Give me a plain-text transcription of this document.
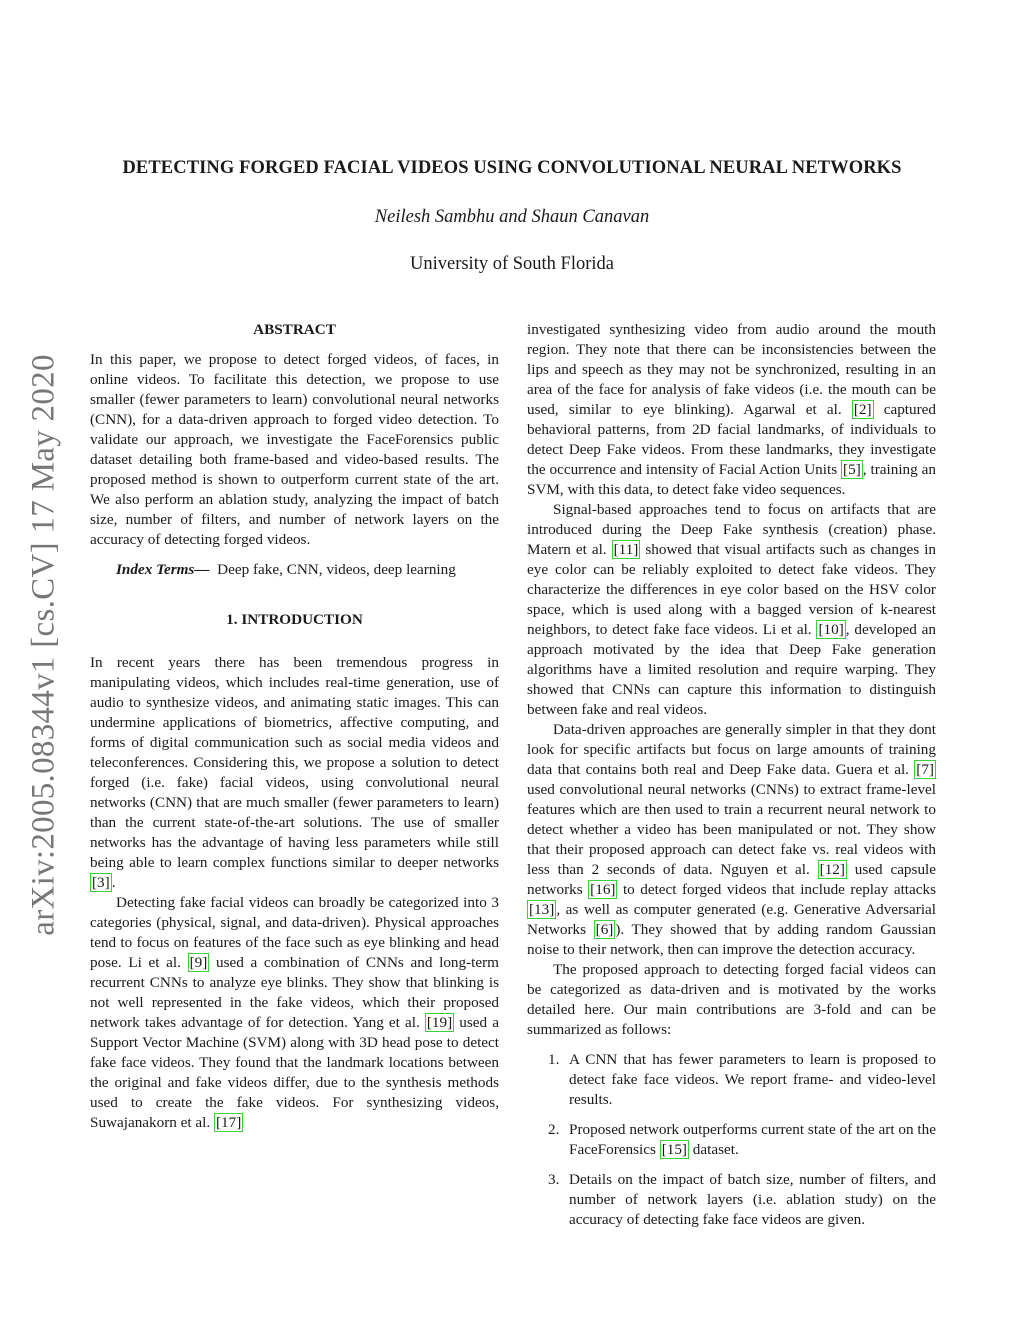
arXiv:2005.08344v1 [cs.CV] 17 May 2020
DETECTING FORGED FACIAL VIDEOS USING CONVOLUTIONAL NEURAL NETWORKS
Neilesh Sambhu and Shaun Canavan
University of South Florida
ABSTRACT

In this paper, we propose to detect forged videos, of faces, in online videos. To facilitate this detection, we propose to use smaller (fewer parameters to learn) convolutional neural networks (CNN), for a data-driven approach to forged video detection. To validate our approach, we investigate the FaceForensics public dataset detailing both frame-based and video-based results. The proposed method is shown to outperform current state of the art. We also perform an ablation study, analyzing the impact of batch size, number of filters, and number of network layers on the accuracy of detecting forged videos.

Index Terms— Deep fake, CNN, videos, deep learning

1. INTRODUCTION

In recent years there has been tremendous progress in manipulating videos, which includes real-time generation, use of audio to synthesize videos, and animating static images. This can undermine applications of biometrics, affective computing, and forms of digital communication such as social media videos and teleconferences. Considering this, we propose a solution to detect forged (i.e. fake) facial videos, using convolutional neural networks (CNN) that are much smaller (fewer parameters to learn) than the current state-of-the-art solutions. The use of smaller networks has the advantage of having less parameters while still being able to learn complex functions similar to deeper networks [3] .

Detecting fake facial videos can broadly be categorized into 3 categories (physical, signal, and data-driven). Physical approaches tend to focus on features of the face such as eye blinking and head pose. Li et al. [9] used a combination of CNNs and long-term recurrent CNNs to analyze eye blinks. They show that blinking is not well represented in the fake videos, which their proposed network takes advantage of for detection. Yang et al. [19] used a Support Vector Machine (SVM) along with 3D head pose to detect fake face videos. They found that the landmark locations between the original and fake videos differ, due to the synthesis methods used to create the fake videos. For synthesizing videos, Suwajanakorn et al. [17]

investigated synthesizing video from audio around the mouth region. They note that there can be inconsistencies between the lips and speech as they may not be synchronized, resulting in an area of the face for analysis of fake videos (i.e. the mouth can be used, similar to eye blinking). Agarwal et al. [2] captured behavioral patterns, from 2D facial landmarks, of individuals to detect Deep Fake videos. From these landmarks, they investigate the occurrence and intensity of Facial Action Units [5] , training an SVM, with this data, to detect fake video sequences.

Signal-based approaches tend to focus on artifacts that are introduced during the Deep Fake synthesis (creation) phase. Matern et al. [11] showed that visual artifacts such as changes in eye color can be reliably exploited to detect fake videos. They characterize the differences in eye color based on the HSV color space, which is used along with a bagged version of k-nearest neighbors, to detect fake face videos. Li et al. [10] , developed an approach motivated by the idea that Deep Fake generation algorithms have a limited resolution and require warping. They showed that CNNs can capture this information to distinguish between fake and real videos.

Data-driven approaches are generally simpler in that they dont look for specific artifacts but focus on large amounts of training data that contains both real and Deep Fake data. Guera et al. [7] used convolutional neural networks (CNNs) to extract frame-level features which are then used to train a recurrent neural network to detect whether a video has been manipulated or not. They show that their proposed approach can detect fake vs. real videos with less than 2 seconds of data. Nguyen et al. [12] used capsule networks [16] to detect forged videos that include replay attacks [13] , as well as computer generated (e.g. Generative Adversarial Networks [6] ). They showed that by adding random Gaussian noise to their network, then can improve the detection accuracy.

The proposed approach to detecting forged facial videos can be categorized as data-driven and is motivated by the works detailed here. Our main contributions are 3-fold and can be summarized as follows:

1. A CNN that has fewer parameters to learn is proposed to detect fake face videos. We report frame- and video-level results.
2. Proposed network outperforms current state of the art on the FaceForensics [15] dataset.
3. Details on the impact of batch size, number of filters, and number of network layers (i.e. ablation study) on the accuracy of detecting fake face videos are given.
